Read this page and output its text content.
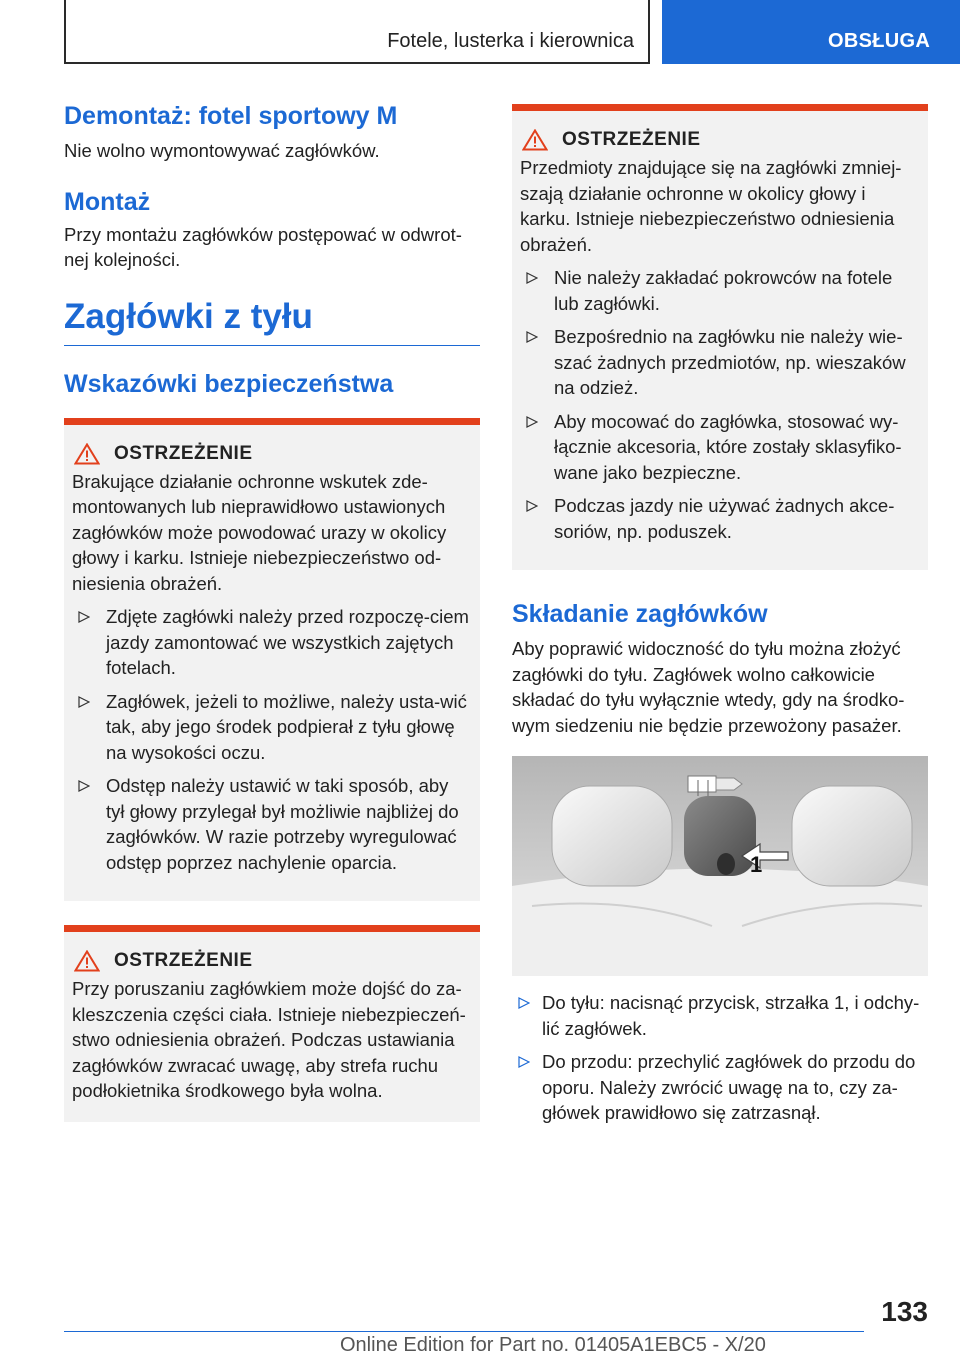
Fotele, lusterka i kierownica	OBSŁUGA
Demontaż: fotel sportowy M

Nie wolno wymontowywać zagłówków.

Montaż

Przy montażu zagłówków postępować w odwrot-nej kolejności.

Zagłówki z tyłu
Wskazówki bezpieczeństwa
OSTRZEŻENIE

Brakujące działanie ochronne wskutek zde-montowanych lub nieprawidłowo ustawionych zagłówków może powodować urazy w okolicy głowy i karku. Istnieje niebezpieczeństwo od-niesienia obrażeń.

Zdjęte zagłówki należy przed rozpoczę-ciem jazdy zamontować we wszystkich zajętych fotelach.
Zagłówek, jeżeli to możliwe, należy usta-wić tak, aby jego środek podpierał z tyłu głowę na wysokości oczu.
Odstęp należy ustawić w taki sposób, aby tył głowy przylegał był możliwie najbliżej do zagłówków. W razie potrzeby wyregulować odstęp poprzez nachylenie oparcia.
OSTRZEŻENIE

Przy poruszaniu zagłówkiem może dojść do za-kleszczenia części ciała. Istnieje niebezpieczeń-stwo odniesienia obrażeń. Podczas ustawiania zagłówków zwracać uwagę, aby strefa ruchu podłokietnika środkowego była wolna.

OSTRZEŻENIE

Przedmioty znajdujące się na zagłówki zmniej-szają działanie ochronne w okolicy głowy i karku. Istnieje niebezpieczeństwo odniesienia obrażeń.

Nie należy zakładać pokrowców na fotele lub zagłówki.
Bezpośrednio na zagłówku nie należy wie-szać żadnych przedmiotów, np. wieszaków na odzież.
Aby mocować do zagłówka, stosować wy-łącznie akcesoria, które zostały sklasyfiko-wane jako bezpieczne.
Podczas jazdy nie używać żadnych akce-soriów, np. poduszek.
Składanie zagłówków

Aby poprawić widoczność do tyłu można złożyć zagłówki do tyłu. Zagłówek wolno całkowicie składać do tyłu wyłącznie wtedy, gdy na środko-wym siedzeniu nie będzie przewożony pasażer.

1
Do tyłu: nacisnąć przycisk, strzałka 1, i odchy-lić zagłówek.
Do przodu: przechylić zagłówek do przodu do oporu. Należy zwrócić uwagę na to, czy za-główek prawidłowo się zatrzasnął.
133
Online Edition for Part no. 01405A1EBC5 - X/20
